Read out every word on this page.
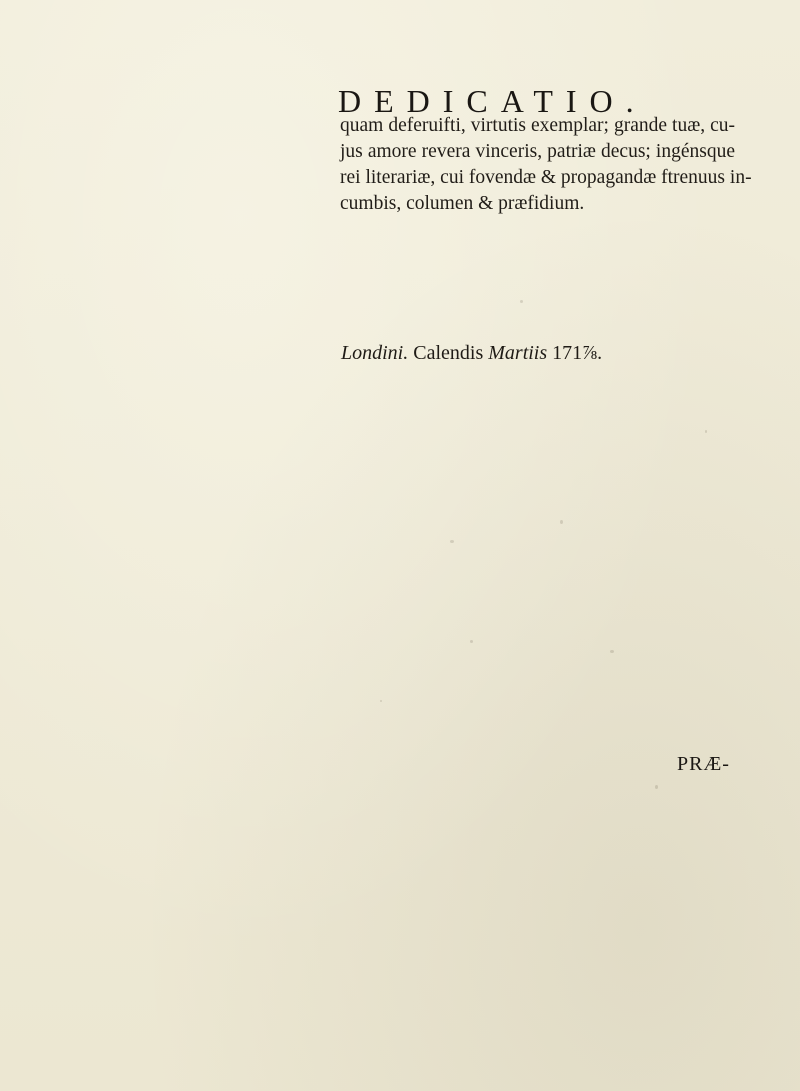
DEDICATIO.
quam deferuifti, virtutis exemplar; grande tuæ, cu-
jus amore revera vinceris, patriæ decus; ingénsque
rei literariæ, cui fovendæ & propagandæ ftrenuus in-
cumbis, columen & præfidium.
Londini. Calendis Martiis 171⅞.
PRÆ-
